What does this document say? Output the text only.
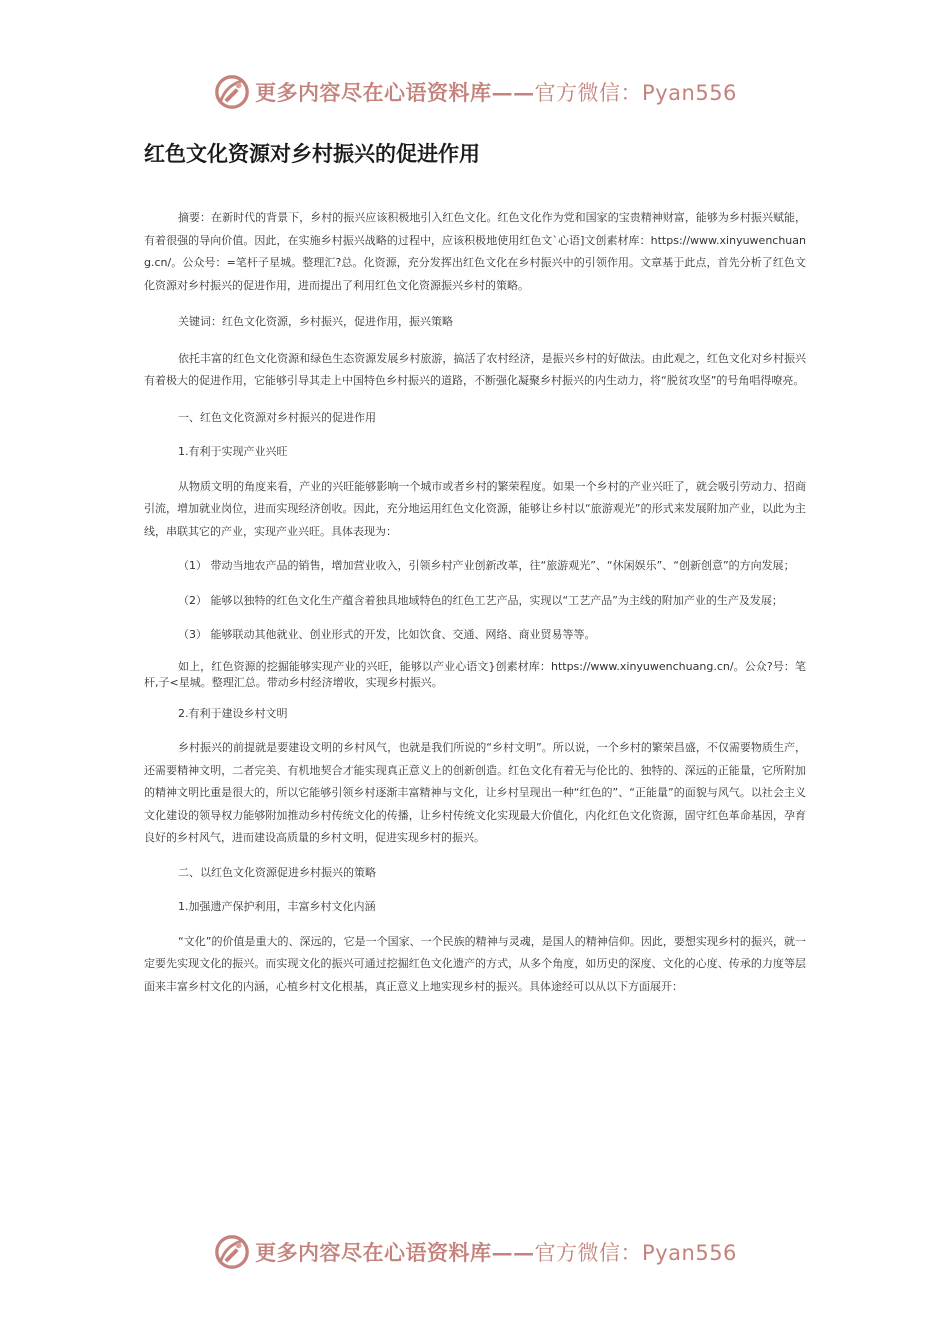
更多内容尽在心语资料库——官方微信：Pyan556
红色文化资源对乡村振兴的促进作用

摘要：在新时代的背景下，乡村的振兴应该积极地引入红色文化。红色文化作为党和国家的宝贵精神财富，能够为乡村振兴赋能，有着很强的导向价值。因此，在实施乡村振兴战略的过程中，应该积极地使用红色文`心语]文创素材库：https://www.xinyuwenchuang.cn/。公众号：=笔杆子星城。整理汇?总。化资源，充分发挥出红色文化在乡村振兴中的引领作用。文章基于此点，首先分析了红色文化资源对乡村振兴的促进作用，进而提出了利用红色文化资源振兴乡村的策略。

关键词：红色文化资源，乡村振兴，促进作用，振兴策略

依托丰富的红色文化资源和绿色生态资源发展乡村旅游，搞活了农村经济，是振兴乡村的好做法。由此观之，红色文化对乡村振兴有着极大的促进作用，它能够引导其走上中国特色乡村振兴的道路，不断强化凝聚乡村振兴的内生动力，将“脱贫攻坚”的号角唱得嘹亮。

一、红色文化资源对乡村振兴的促进作用

1.有利于实现产业兴旺

从物质文明的角度来看，产业的兴旺能够影响一个城市或者乡村的繁荣程度。如果一个乡村的产业兴旺了，就会吸引劳动力、招商引流，增加就业岗位，进而实现经济创收。因此，充分地运用红色文化资源，能够让乡村以“旅游观光”的形式来发展附加产业，以此为主线，串联其它的产业，实现产业兴旺。具体表现为：

（1） 带动当地农产品的销售，增加营业收入，引领乡村产业创新改革，往“旅游观光”、“休闲娱乐”、“创新创意”的方向发展；

（2） 能够以独特的红色文化生产蕴含着独具地域特色的红色工艺产品，实现以“工艺产品”为主线的附加产业的生产及发展；

（3） 能够联动其他就业、创业形式的开发，比如饮食、交通、网络、商业贸易等等。

如上，红色资源的挖掘能够实现产业的兴旺，能够以产业心语文}创素材库：https://www.xinyuwenchuang.cn/。公众?号：笔杆,子<星城。整理汇总。带动乡村经济增收，实现乡村振兴。

2.有利于建设乡村文明

乡村振兴的前提就是要建设文明的乡村风气，也就是我们所说的“乡村文明”。所以说，一个乡村的繁荣昌盛，不仅需要物质生产，还需要精神文明，二者完美、有机地契合才能实现真正意义上的创新创造。红色文化有着无与伦比的、独特的、深远的正能量，它所附加的精神文明比重是很大的，所以它能够引领乡村逐渐丰富精神与文化，让乡村呈现出一种“红色的”、“正能量”的面貌与风气。以社会主义文化建设的领导权力能够附加推动乡村传统文化的传播，让乡村传统文化实现最大价值化，内化红色文化资源，固守红色革命基因，孕育良好的乡村风气，进而建设高质量的乡村文明，促进实现乡村的振兴。

二、以红色文化资源促进乡村振兴的策略

1.加强遗产保护利用，丰富乡村文化内涵

“文化”的价值是重大的、深远的，它是一个国家、一个民族的精神与灵魂，是国人的精神信仰。因此，要想实现乡村的振兴，就一定要先实现文化的振兴。而实现文化的振兴可通过挖掘红色文化遗产的方式，从多个角度，如历史的深度、文化的心度、传承的力度等层面来丰富乡村文化的内涵，心植乡村文化根基，真正意义上地实现乡村的振兴。具体途经可以从以下方面展开：

更多内容尽在心语资料库——官方微信：Pyan556
